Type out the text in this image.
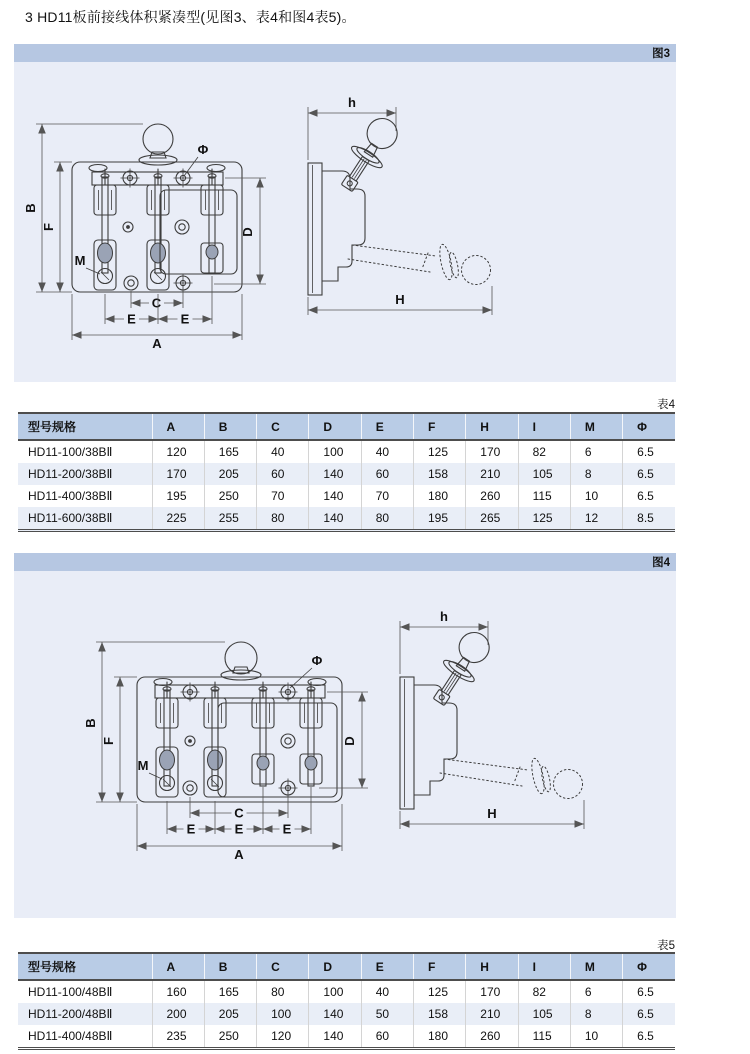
3 HD11板前接线体积紧凑型(见图3、表4和图4表5)。
图3
M
Φ
B
F
D
C
E	E
A
h
H
表4
型号规格	A	B	C	D	E	F	H	I	M	Φ
HD11-100/38BⅡ	120	165	40	100	40	125	170	82	6	6.5
HD11-200/38BⅡ	170	205	60	140	60	158	210	105	8	6.5
HD11-400/38BⅡ	195	250	70	140	70	180	260	115	10	6.5
HD11-600/38BⅡ	225	255	80	140	80	195	265	125	12	8.5
图4
M
Φ
B
F	D
C
E	E	E
A
h
H
表5
型号规格	A	B	C	D	E	F	H	I	M	Φ
HD11-100/48BⅡ	160	165	80	100	40	125	170	82	6	6.5
HD11-200/48BⅡ	200	205	100	140	50	158	210	105	8	6.5
HD11-400/48BⅡ	235	250	120	140	60	180	260	115	10	6.5
